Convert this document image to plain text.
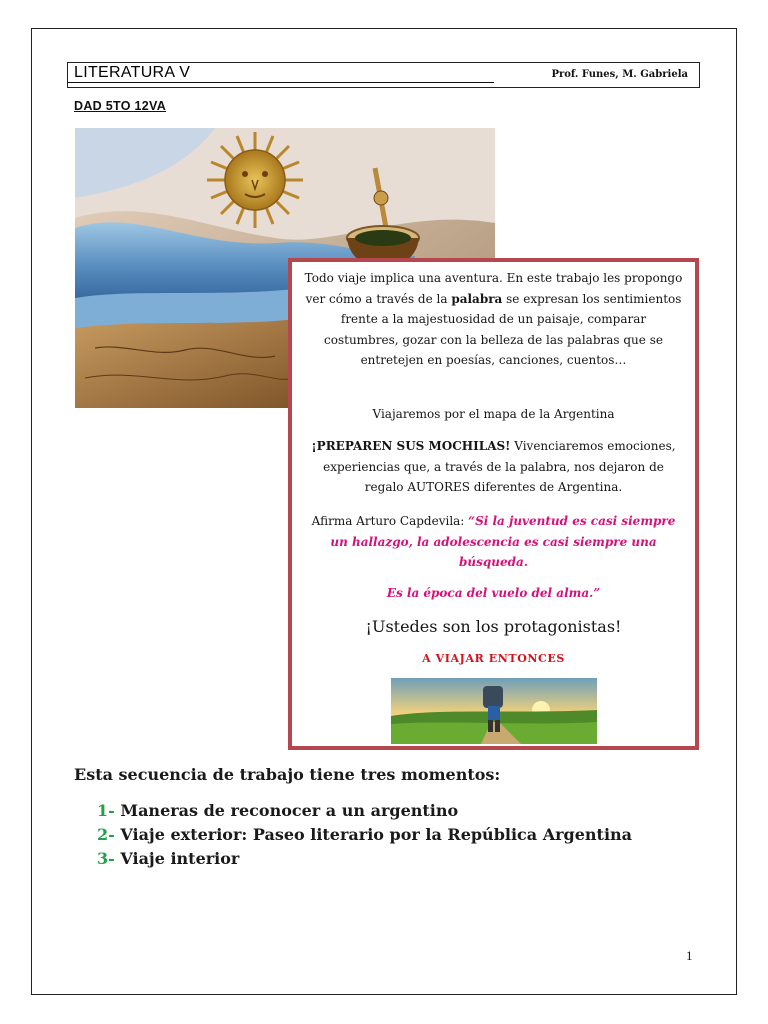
LITERATURA V	Prof. Funes, M. Gabriela
DAD 5TO 12VA
Todo viaje implica una aventura. En este trabajo les propongo ver cómo a través de la palabra se expresan los sentimientos frente a la majestuosidad de un paisaje, comparar costumbres, gozar con la belleza de las palabras que se entretejen en poesías, canciones, cuentos…
Viajaremos por el mapa de la Argentina
¡PREPAREN SUS MOCHILAS! Vivenciaremos emociones, experiencias que, a través de la palabra, nos dejaron de regalo AUTORES diferentes de Argentina.
Afirma Arturo Capdevila: “Si la juventud es casi siempre un hallazgo, la adolescencia es casi siempre una búsqueda.
Es la época del vuelo del alma.”
¡Ustedes son los protagonistas!
A VIAJAR ENTONCES
Esta secuencia de trabajo tiene tres momentos:
1- Maneras de reconocer a un argentino
2- Viaje exterior: Paseo literario por la República Argentina
3- Viaje interior
1
